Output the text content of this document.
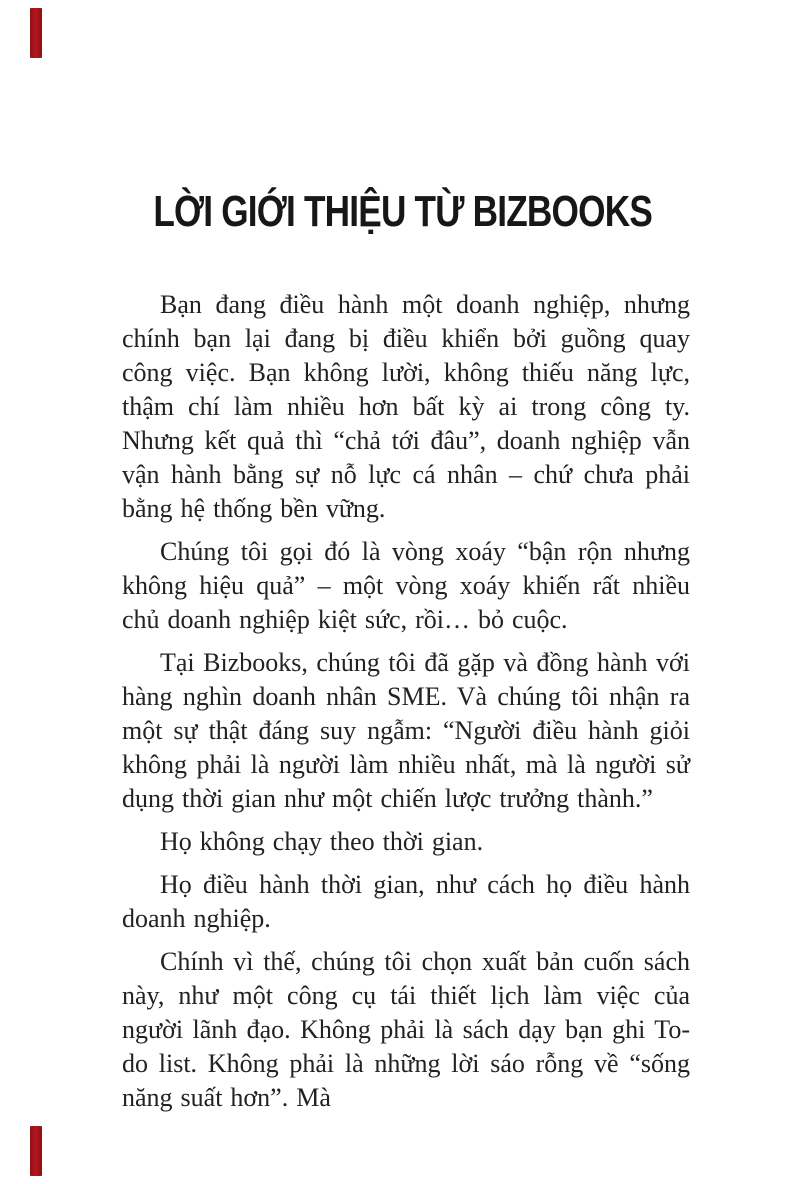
LỜI GIỚI THIỆU TỪ BIZBOOKS

Bạn đang điều hành một doanh nghiệp, nhưng chính bạn lại đang bị điều khiển bởi guồng quay công việc. Bạn không lười, không thiếu năng lực, thậm chí làm nhiều hơn bất kỳ ai trong công ty. Nhưng kết quả thì “chả tới đâu”, doanh nghiệp vẫn vận hành bằng sự nỗ lực cá nhân – chứ chưa phải bằng hệ thống bền vững.

Chúng tôi gọi đó là vòng xoáy “bận rộn nhưng không hiệu quả” – một vòng xoáy khiến rất nhiều chủ doanh nghiệp kiệt sức, rồi… bỏ cuộc.

Tại Bizbooks, chúng tôi đã gặp và đồng hành với hàng nghìn doanh nhân SME. Và chúng tôi nhận ra một sự thật đáng suy ngẫm: “Người điều hành giỏi không phải là người làm nhiều nhất, mà là người sử dụng thời gian như một chiến lược trưởng thành.”

Họ không chạy theo thời gian.

Họ điều hành thời gian, như cách họ điều hành doanh nghiệp.

Chính vì thế, chúng tôi chọn xuất bản cuốn sách này, như một công cụ tái thiết lịch làm việc của người lãnh đạo. Không phải là sách dạy bạn ghi To-do list. Không phải là những lời sáo rỗng về “sống năng suất hơn”. Mà
